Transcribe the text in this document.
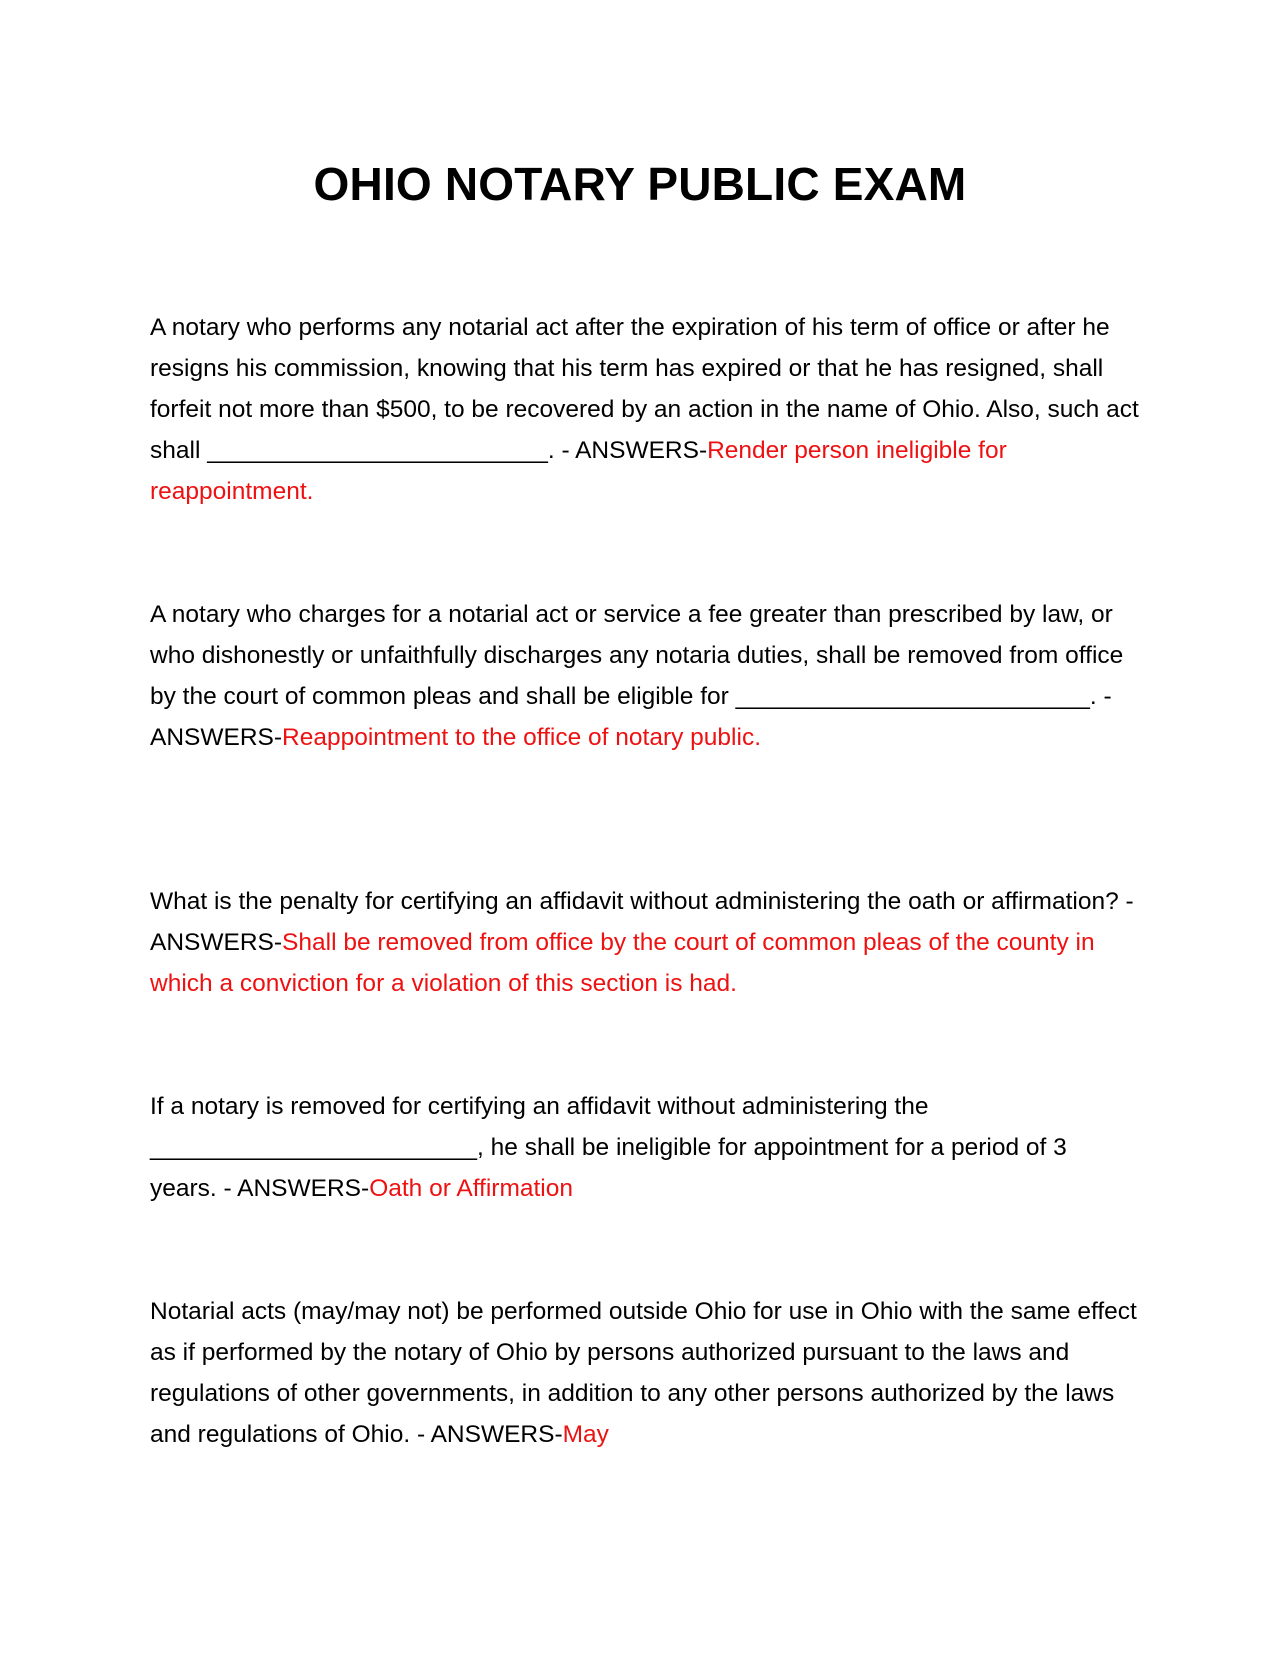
OHIO NOTARY PUBLIC EXAM

A notary who performs any notarial act after the expiration of his term of office or after he resigns his commission, knowing that his term has expired or that he has resigned, shall forfeit not more than $500, to be recovered by an action in the name of Ohio. Also, such act shall _________________________. - ANSWERS-Render person ineligible for reappointment.

A notary who charges for a notarial act or service a fee greater than prescribed by law, or who dishonestly or unfaithfully discharges any notaria duties, shall be removed from office by the court of common pleas and shall be eligible for __________________________. - ANSWERS-Reappointment to the office of notary public.

What is the penalty for certifying an affidavit without administering the oath or affirmation? - ANSWERS-Shall be removed from office by the court of common pleas of the county in which a conviction for a violation of this section is had.

If a notary is removed for certifying an affidavit without administering the ________________________, he shall be ineligible for appointment for a period of 3 years. - ANSWERS-Oath or Affirmation

Notarial acts (may/may not) be performed outside Ohio for use in Ohio with the same effect as if performed by the notary of Ohio by persons authorized pursuant to the laws and regulations of other governments, in addition to any other persons authorized by the laws and regulations of Ohio. - ANSWERS-May
